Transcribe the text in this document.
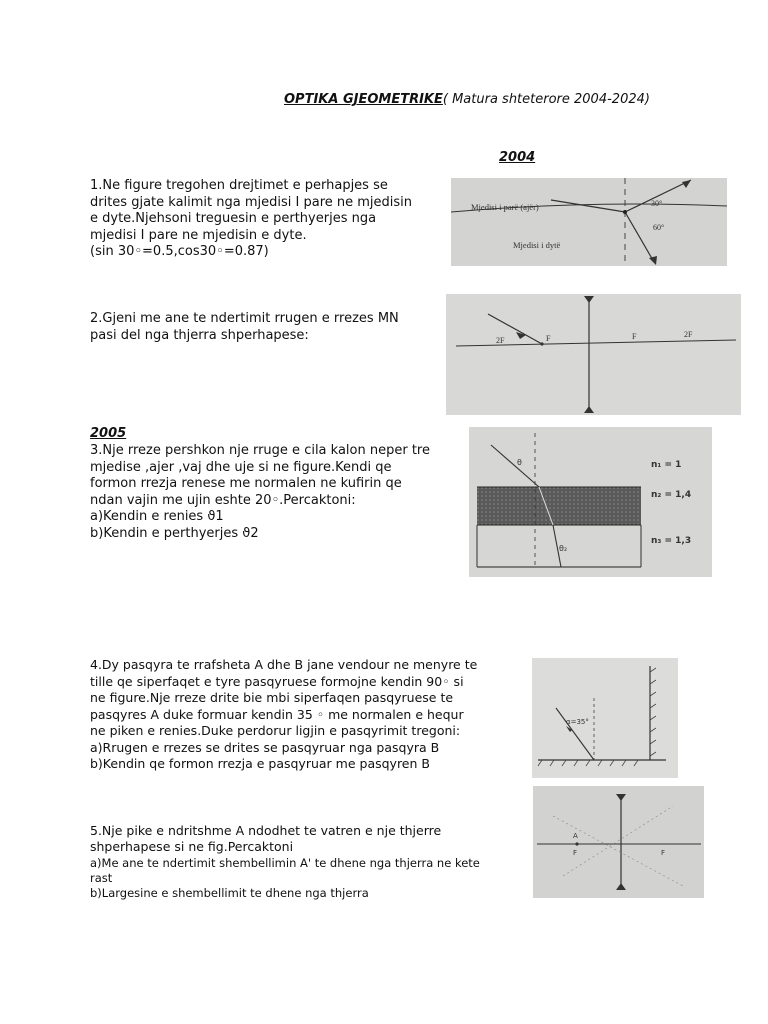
OPTIKA GJEOMETRIKE( Matura shteterore 2004-2024)
2004
1.Ne figure tregohen drejtimet e perhapjes se
drites gjate kalimit nga mjedisi I pare ne mjedisin
e dyte.Njehsoni treguesin e perthyerjes nga
mjedisi I pare ne mjedisin e dyte.
(sin 30◦=0.5,cos30◦=0.87)
Mjedisi i parë (ajër)
Mjedisi i dytë
30°
60°
2.Gjeni me ane te ndertimit rrugen e rrezes MN
pasi del nga thjerra shperhapese:	2F	F	F	2F
2005
3.Nje rreze pershkon nje rruge e cila kalon neper tre
mjedise ,ajer ,vaj dhe uje si ne figure.Kendi qe
formon rrezja renese me normalen ne kufirin qe
ndan vajin me ujin eshte 20◦.Percaktoni:
a)Kendin e renies ϑ1
b)Kendin e perthyerjes ϑ2
θ
θ₂
n₁ = 1
n₂ = 1,4
n₃ = 1,3
4.Dy pasqyra te rrafsheta A dhe B jane vendour ne menyre te
tille qe siperfaqet e tyre pasqyruese formojne kendin 90◦ si
ne figure.Nje rreze drite bie mbi siperfaqen pasqyruese te
pasqyres A duke formuar kendin 35 ◦ me normalen e hequr
ne piken e renies.Duke perdorur ligjin e pasqyrimit tregoni:
a)Rrugen e rrezes se drites se pasqyruar nga pasqyra B
b)Kendin qe formon rrezja e pasqyruar me pasqyren B
α=35°
5.Nje pike e ndritshme A ndodhet te vatren e nje thjerre
shperhapese si ne fig.Percaktoni
a)Me ane te ndertimit shembellimin A' te dhene nga thjerra ne kete
rast
b)Largesine e shembellimit te dhene nga thjerra
F	F
A
